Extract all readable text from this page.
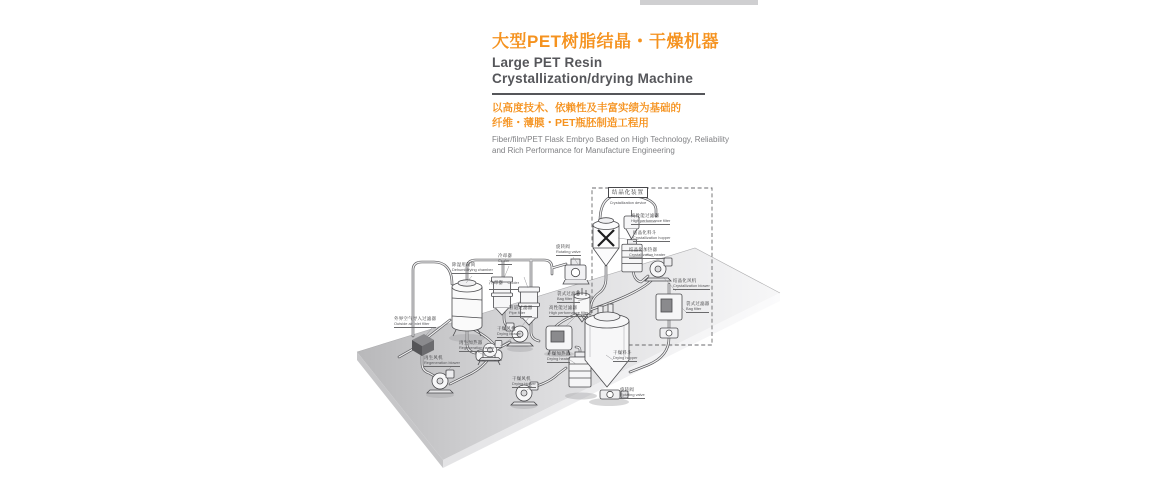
大型PET树脂结晶・干燥机器
Large PET Resin
Crystallization/drying Machine
以高度技术、依赖性及丰富实绩为基础的
纤维・薄膜・PET瓶胚制造工程用

Fiber/film/PET Flask Embryo Based on High Technology, Reliability
and Rich Performance for Manufacture Engineering

结晶化装置
Crystallization device
高性能过滤器
High performance filter
结晶化料斗
Crystallization hopper
结晶化加热器
Crystallization heater
旋转阀
Rotating valve
结晶化风机
Crystallization blower
除湿用转筒
Dehumidifying chamber
冷却器
Cooler
冷却器 Cooler
外界空气导入过滤器
Outside air inlet filter
再生加热器
Regeneration heater
再生风机
Regeneration blower
管道过滤器
Pipe filter
袋式过滤器
Bag filter
高性能过滤器
High performance filter
干燥风机
Drying blower
干燥加热器
Drying heater
干燥风机
Drying blower
袋式过滤器
Bag filter
干燥料斗
Drying hopper
旋转阀
Rotating valve
